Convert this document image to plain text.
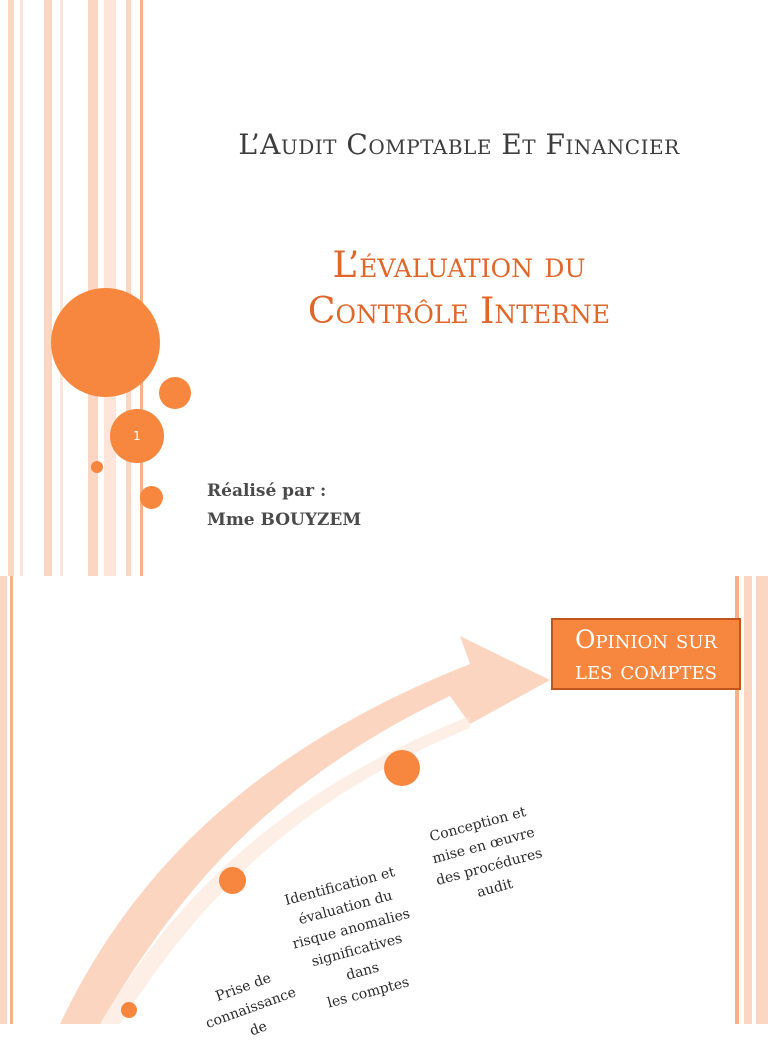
1
L’Audit Comptable Et Financier
L’évaluation du
Contrôle Interne
Réalisé par :
Mme BOUYZEM
Opinion sur
les comptes
Prise de
connaissance de
Identification et
évaluation du
risque anomalies
significatives
dans
les comptes
Conception et
mise en œuvre
des procédures
audit
